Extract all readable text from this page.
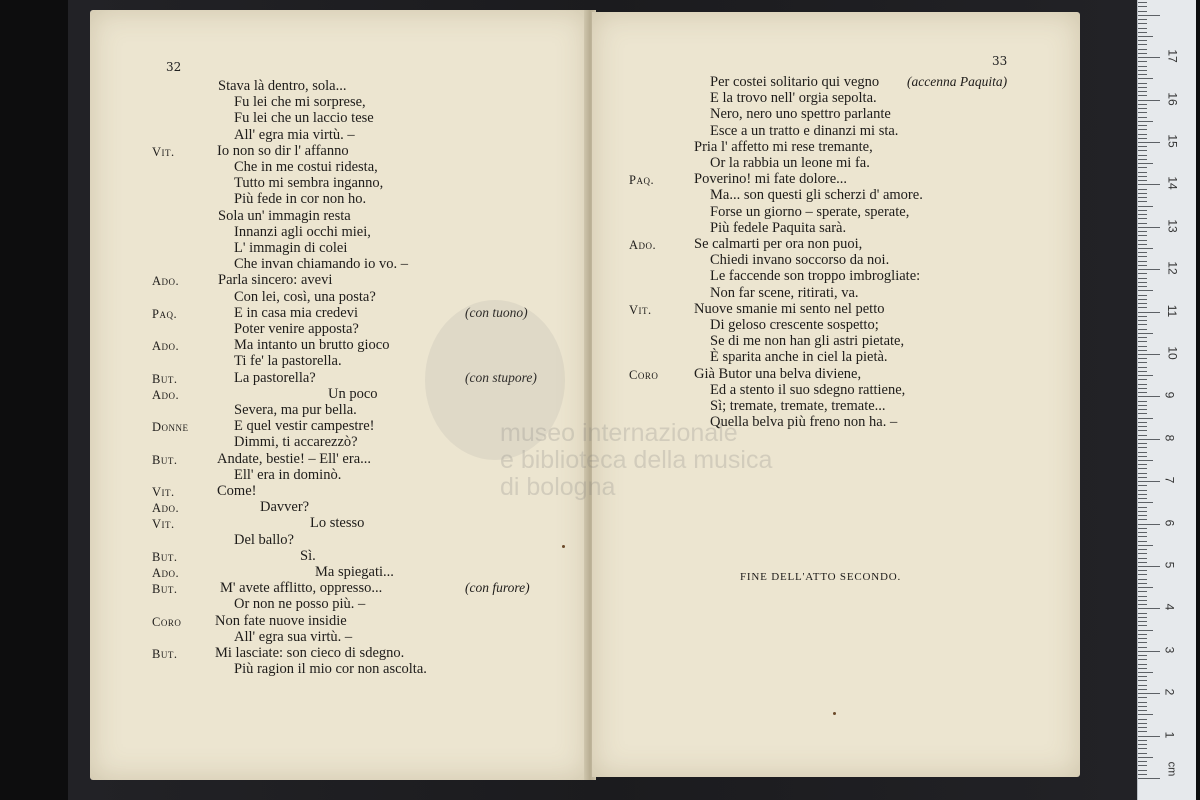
32
Stava là dentro, sola...
Fu lei che mi sorprese,
Fu lei che un laccio tese
All' egra mia virtù. –
Vit.	Io non so dir l' affanno
Che in me costui ridesta,
Tutto mi sembra inganno,
Più fede in cor non ho.
Sola un' immagin resta
Innanzi agli occhi miei,
L' immagin di colei
Che invan chiamando io vo. –
Ado.	Parla sincero: avevi
Con lei, così, una posta?
Paq.	E in casa mia credevi	(con tuono)
Poter venire apposta?
Ado.	Ma intanto un brutto gioco
Ti fe' la pastorella.
But.	La pastorella?	(con stupore)
Ado.	Un poco
Severa, ma pur bella.
Donne	E quel vestir campestre!
Dimmi, ti accarezzò?
But.	Andate, bestie! – Ell' era...
Ell' era in dominò.
Vit.	Come!
Ado.	Davver?
Vit.	Lo stesso
Del ballo?
But.	Sì.
Ado.	Ma spiegati...
But.	M' avete afflitto, oppresso...	(con furore)
Or non ne posso più. –
Coro Non fate nuove insidie
All' egra sua virtù. –
But.	Mi lasciate: son cieco di sdegno.
Più ragion il mio cor non ascolta.
33
Per costei solitario qui vegno (accenna Paquita)
E la trovo nell' orgia sepolta.
Nero, nero uno spettro parlante
Esce a un tratto e dinanzi mi sta.
Pria l' affetto mi rese tremante,
Or la rabbia un leone mi fa.
Paq.	Poverino! mi fate dolore...
Ma... son questi gli scherzi d' amore.
Forse un giorno – sperate, sperate,
Più fedele Paquita sarà.
Ado.	Se calmarti per ora non puoi,
Chiedi invano soccorso da noi.
Le faccende son troppo imbrogliate:
Non far scene, ritirati, va.
Vit.	Nuove smanie mi sento nel petto
Di geloso crescente sospetto;
Se di me non han gli astri pietate,
È sparita anche in ciel la pietà.
Coro Già Butor una belva diviene,
Ed a stento il suo sdegno rattiene,
Sì; tremate, tremate, tremate...
Quella belva più freno non ha. –
FINE DELL'ATTO SECONDO.
museo internazionale
e biblioteca della musica
di bologna
cm
1
2
3
4
5
6
7
8
9
10
11
12
13
14
15
16
17
